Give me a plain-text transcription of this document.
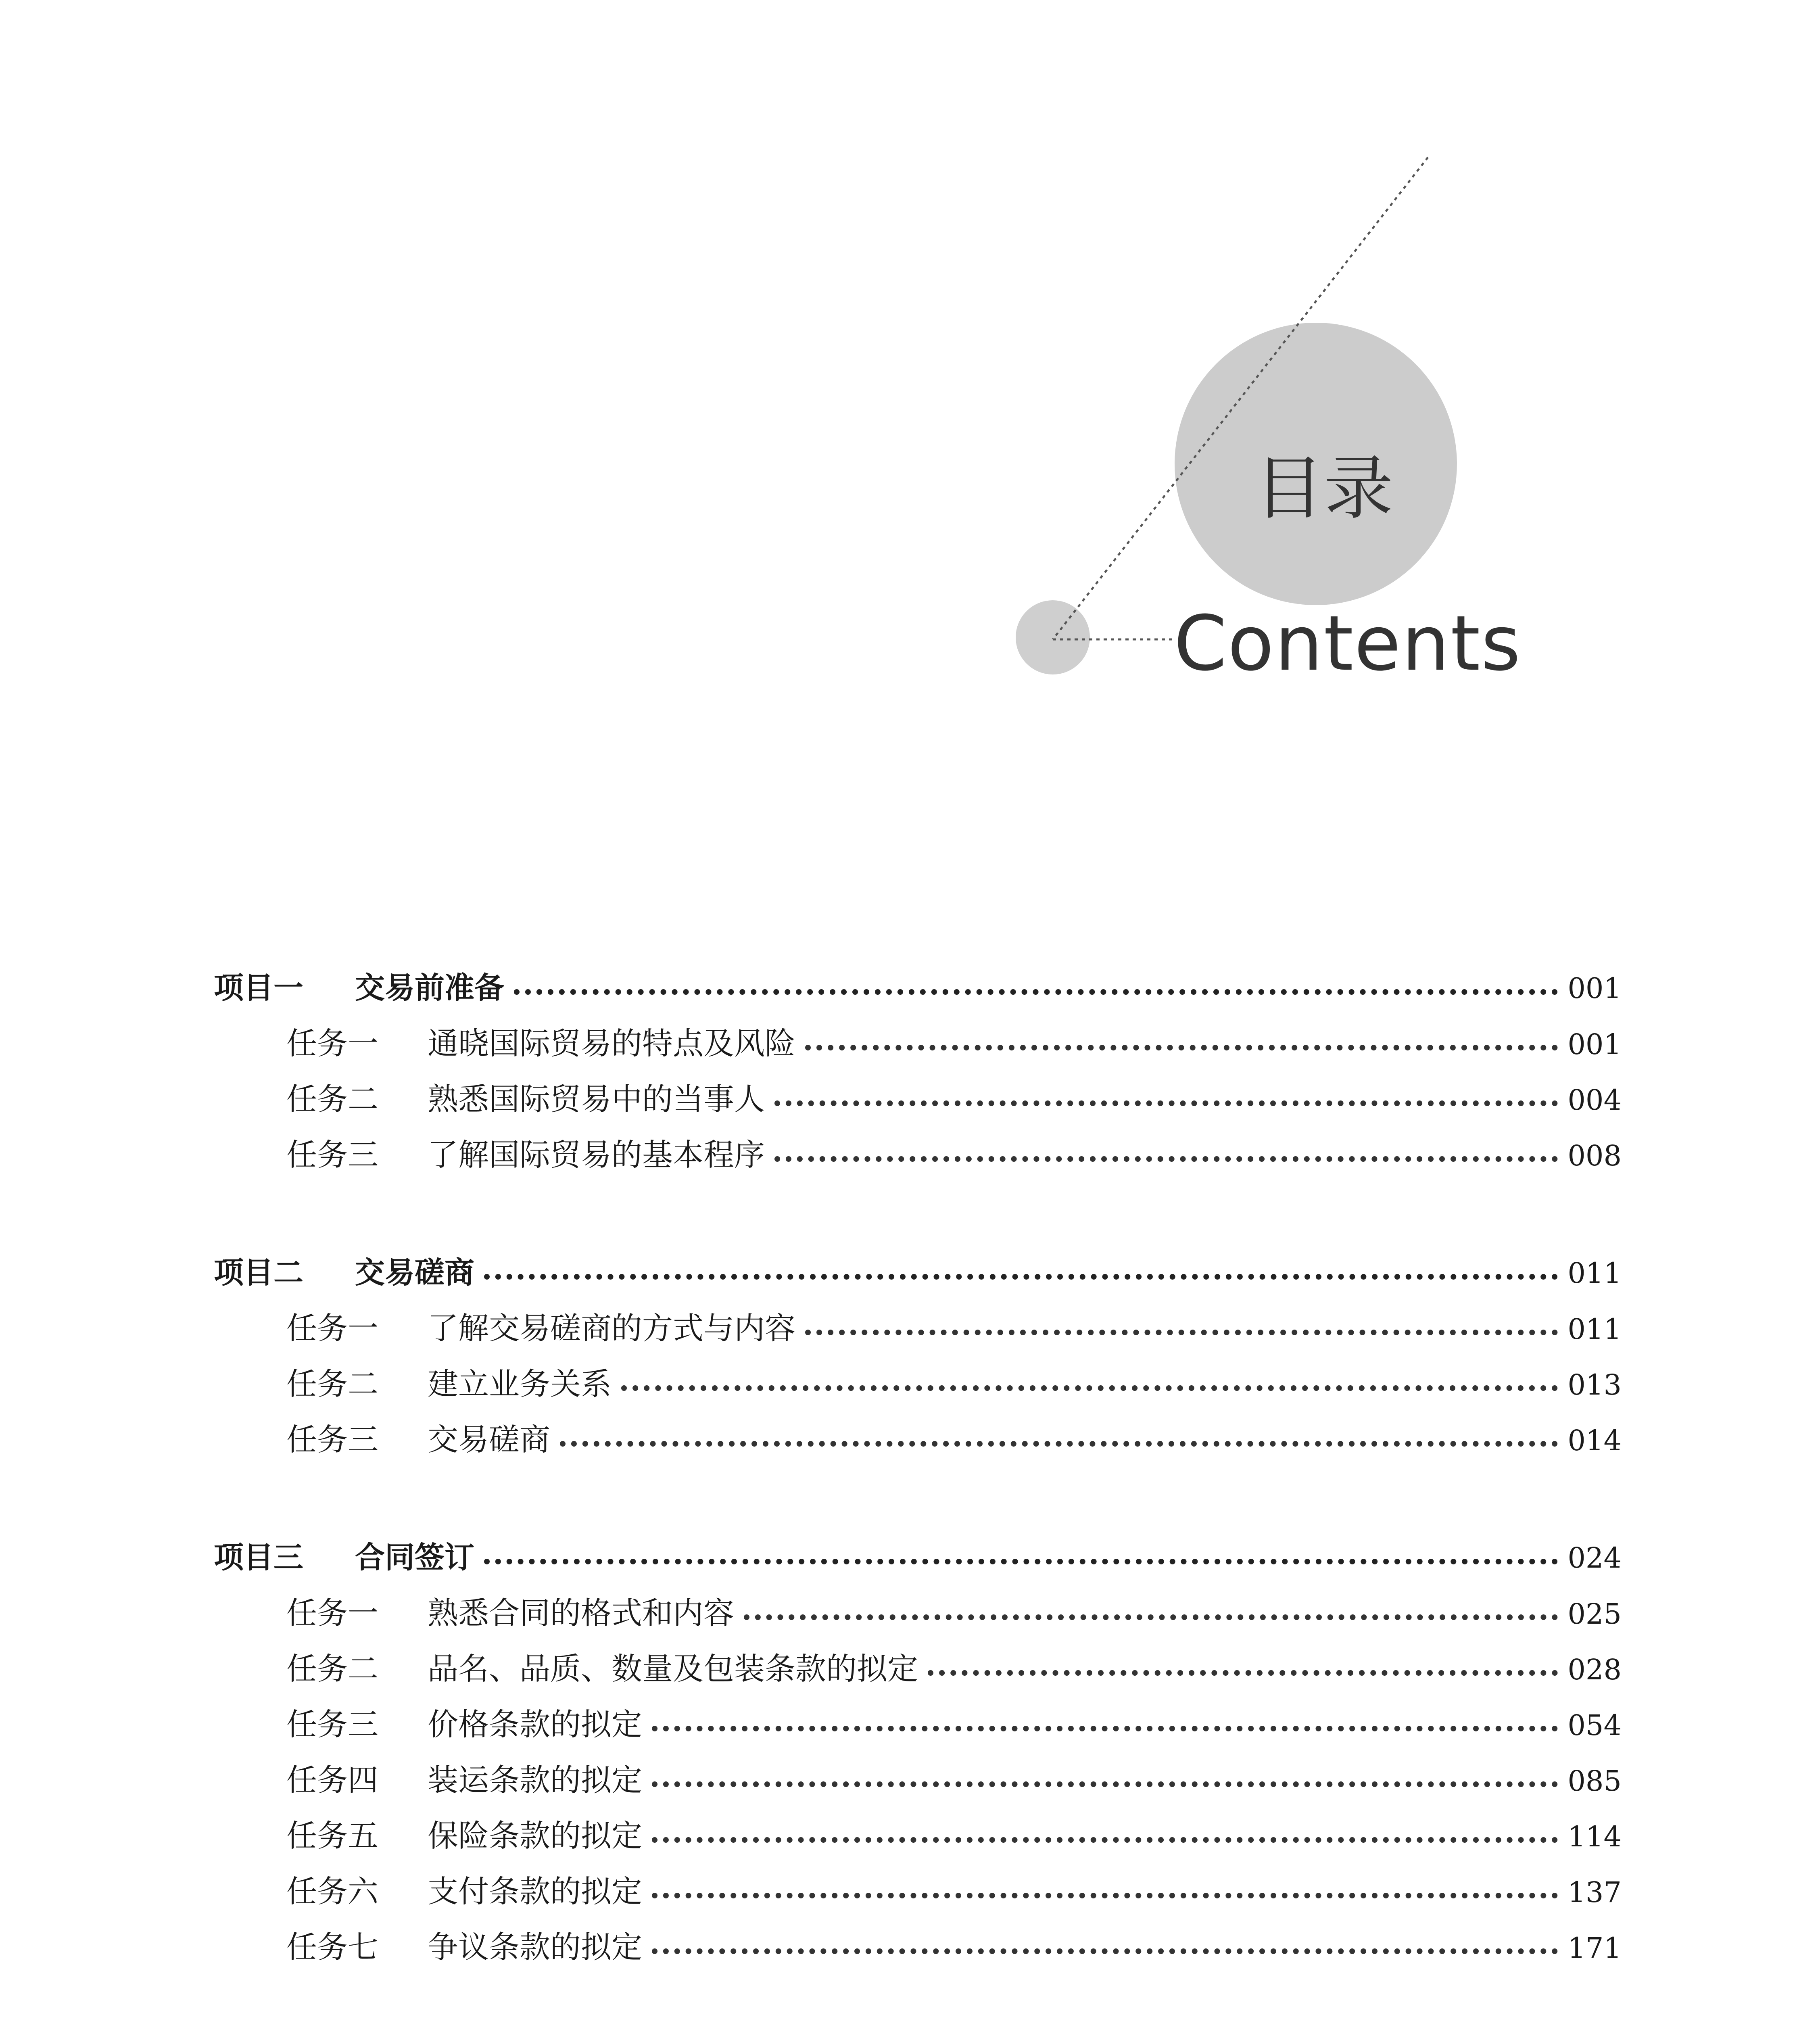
目录
Contents
项目一 交易前准备	001
任务一 通晓国际贸易的特点及风险	001
任务二 熟悉国际贸易中的当事人	004
任务三 了解国际贸易的基本程序	008
项目二 交易磋商	011
任务一 了解交易磋商的方式与内容	011
任务二 建立业务关系	013
任务三 交易磋商	014
项目三 合同签订	024
任务一 熟悉合同的格式和内容	025
任务二 品名、品质、数量及包装条款的拟定	028
任务三 价格条款的拟定	054
任务四 装运条款的拟定	085
任务五 保险条款的拟定	114
任务六 支付条款的拟定	137
任务七 争议条款的拟定	171
